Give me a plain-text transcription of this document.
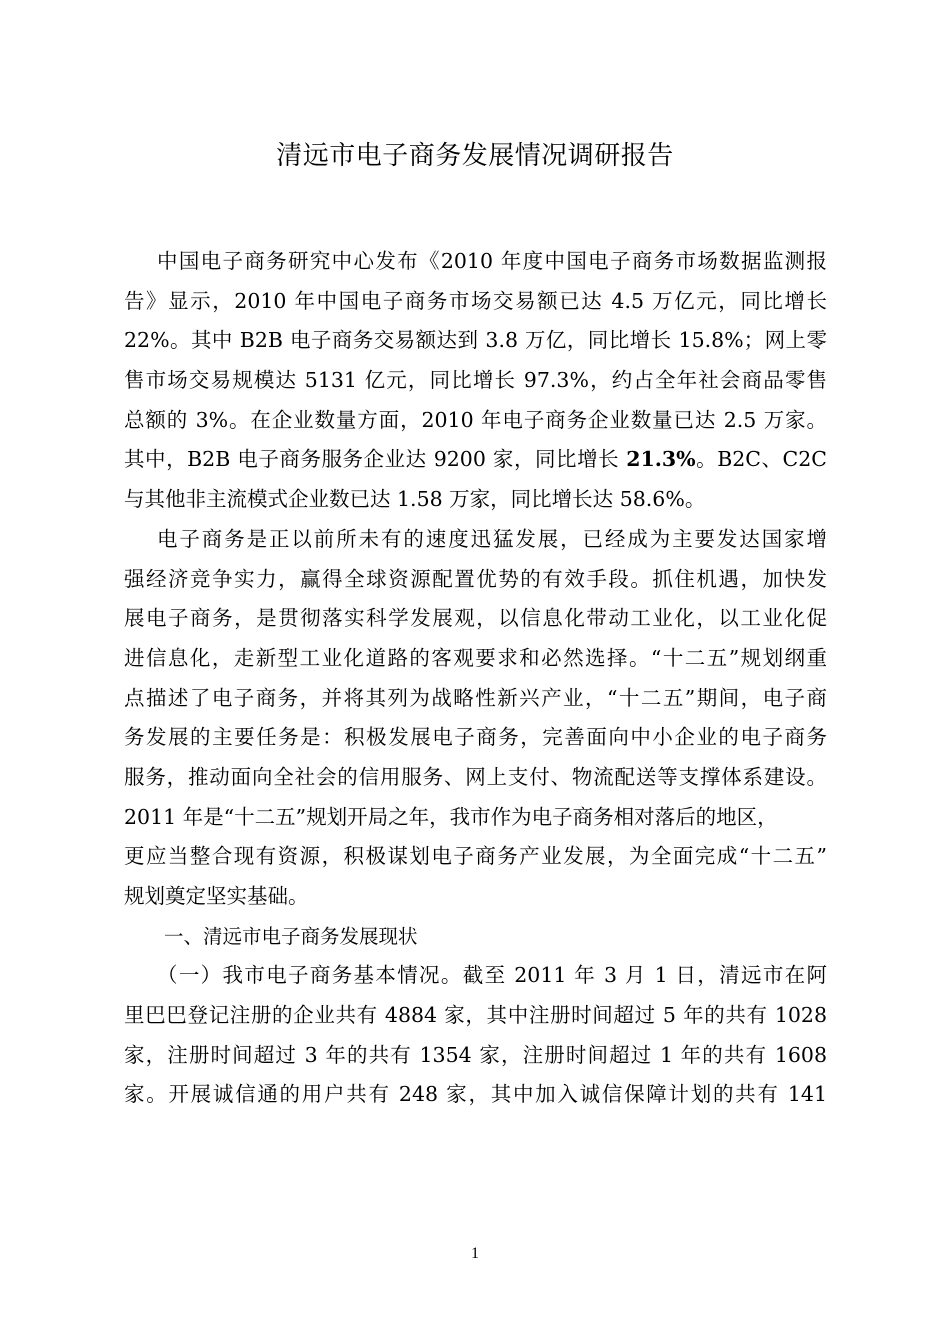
清远市电子商务发展情况调研报告
中国电子商务研究中心发布《2010 年度中国电子商务市场数据监测报
告》显示，2010 年中国电子商务市场交易额已达 4.5 万亿元，同比增长
22%。其中 B2B 电子商务交易额达到 3.8 万亿，同比增长 15.8%；网上零
售市场交易规模达 5131 亿元，同比增长 97.3%，约占全年社会商品零售
总额的 3%。在企业数量方面，2010 年电子商务企业数量已达 2.5 万家。
其中，B2B 电子商务服务企业达 9200 家，同比增长 21.3%。B2C、C2C
与其他非主流模式企业数已达 1.58 万家，同比增长达 58.6%。
电子商务是正以前所未有的速度迅猛发展，已经成为主要发达国家增
强经济竞争实力，赢得全球资源配置优势的有效手段。抓住机遇，加快发
展电子商务，是贯彻落实科学发展观，以信息化带动工业化，以工业化促
进信息化，走新型工业化道路的客观要求和必然选择。“十二五”规划纲重
点描述了电子商务，并将其列为战略性新兴产业，“十二五”期间，电子商
务发展的主要任务是：积极发展电子商务，完善面向中小企业的电子商务
服务，推动面向全社会的信用服务、网上支付、物流配送等支撑体系建设。
2011 年是“十二五”规划开局之年，我市作为电子商务相对落后的地区，
更应当整合现有资源，积极谋划电子商务产业发展，为全面完成“十二五”
规划奠定坚实基础。
一、清远市电子商务发展现状
（一）我市电子商务基本情况。截至 2011 年 3 月 1 日，清远市在阿
里巴巴登记注册的企业共有 4884 家，其中注册时间超过 5 年的共有 1028
家，注册时间超过 3 年的共有 1354 家，注册时间超过 1 年的共有 1608
家。开展诚信通的用户共有 248 家，其中加入诚信保障计划的共有 141
1
